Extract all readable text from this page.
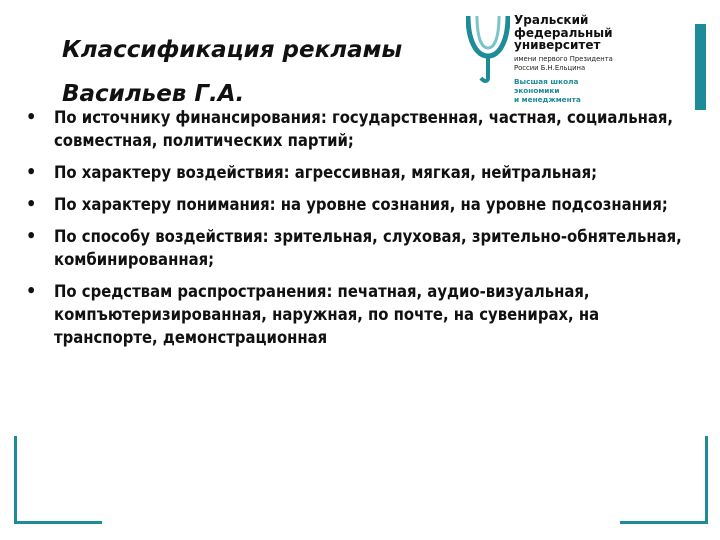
Классификация рекламы
Васильев Г.А.
Уральский
федеральный
университет
имени первого Президента
России Б.Н.Ельцина
Высшая школа
экономики
и менеджмента
• По источнику финансирования: государственная, частная, социальная, совместная, политических партий;
• По характеру воздействия: агрессивная, мягкая, нейтральная;
• По характеру понимания: на уровне сознания, на уровне подсознания;
• По способу воздействия: зрительная, слуховая, зрительно-обнятельная, комбинированная;
• По средствам распространения: печатная, аудио-визуальная, компъютеризированная, наружная, по почте, на сувенирах, на транспорте, демонстрационная
